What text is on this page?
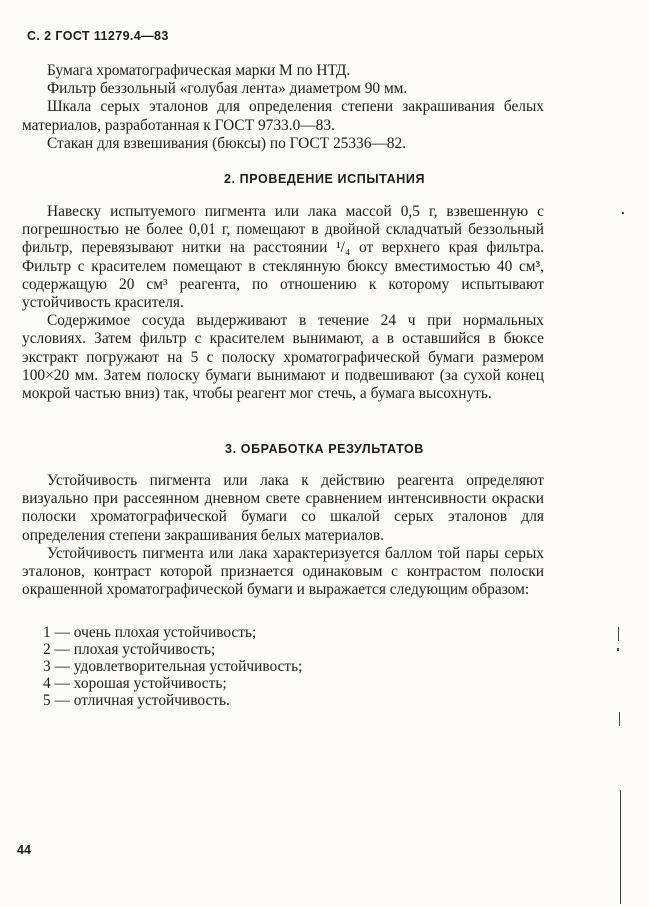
С. 2 ГОСТ 11279.4—83

Бумага хроматографическая марки М по НТД.

Фильтр беззольный «голубая лента» диаметром 90 мм.

Шкала серых эталонов для определения степени закрашивания белых материалов, разработанная к ГОСТ 9733.0—83.

Стакан для взвешивания (бюксы) по ГОСТ 25336—82.

2. ПРОВЕДЕНИЕ ИСПЫТАНИЯ

Навеску испытуемого пигмента или лака массой 0,5 г, взвешенную с погрешностью не более 0,01 г, помещают в двойной складчатый беззольный фильтр, перевязывают нитки на расстоянии ¹/₄ от верхнего края фильтра. Фильтр с красителем помещают в стеклянную бюксу вместимостью 40 см³, содержащую 20 см³ реагента, по отношению к которому испытывают устойчивость красителя.

Содержимое сосуда выдерживают в течение 24 ч при нормальных условиях. Затем фильтр с красителем вынимают, а в оставшийся в бюксе экстракт погружают на 5 с полоску хроматографической бумаги размером 100×20 мм. Затем полоску бумаги вынимают и подвешивают (за сухой конец мокрой частью вниз) так, чтобы реагент мог стечь, а бумага высохнуть.

3. ОБРАБОТКА РЕЗУЛЬТАТОВ

Устойчивость пигмента или лака к действию реагента определяют визуально при рассеянном дневном свете сравнением интенсивности окраски полоски хроматографической бумаги со шкалой серых эталонов для определения степени закрашивания белых материалов.

Устойчивость пигмента или лака характеризуется баллом той пары серых эталонов, контраст которой признается одинаковым с контрастом полоски окрашенной хроматографической бумаги и выражается следующим образом:

1 — очень плохая устойчивость;
2 — плохая устойчивость;
3 — удовлетворительная устойчивость;
4 — хорошая устойчивость;
5 — отличная устойчивость.
44
